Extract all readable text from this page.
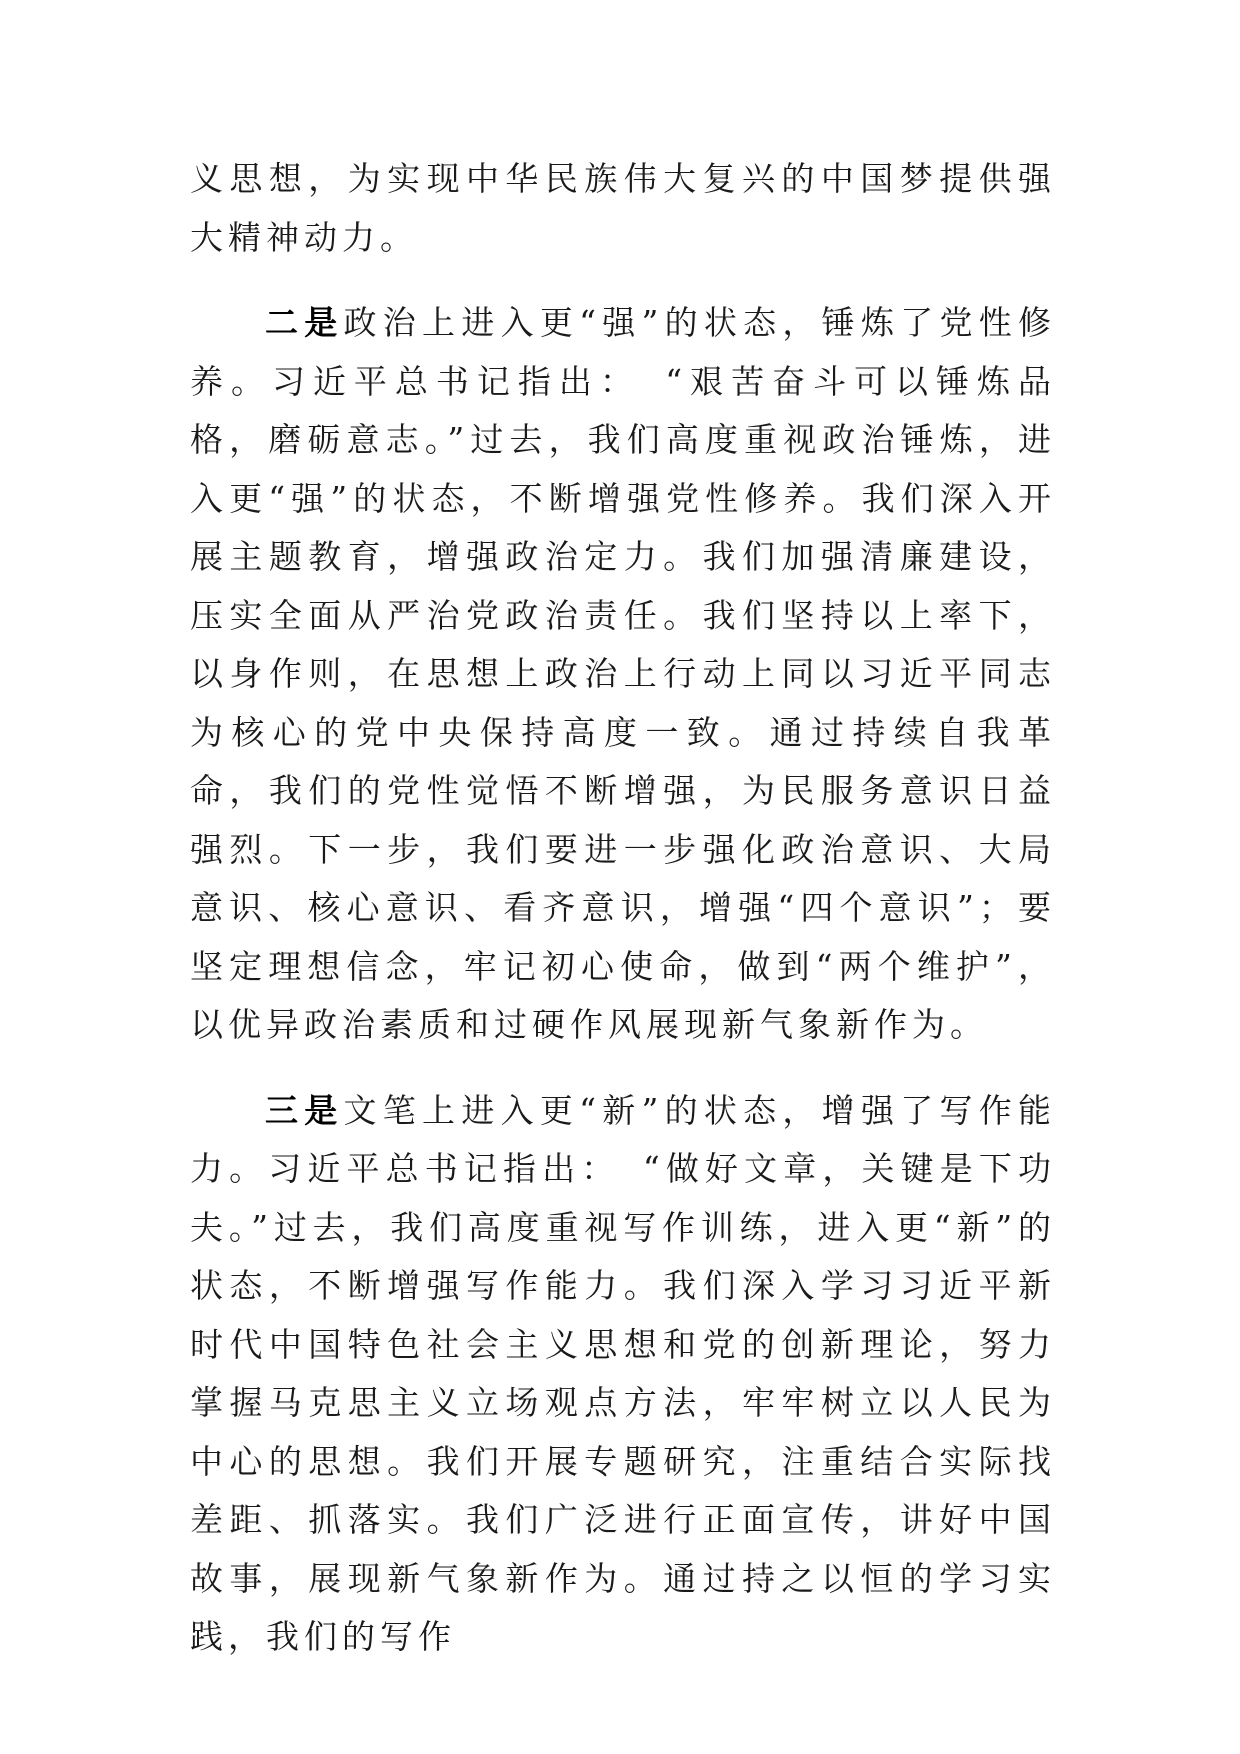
义思想，为实现中华民族伟大复兴的中国梦提供强大精神动力。

二是政治上进入更“强”的状态，锤炼了党性修养。习近平总书记指出：　“艰苦奋斗可以锤炼品格，磨砺意志。”过去，我们高度重视政治锤炼，进入更“强”的状态，不断增强党性修养。我们深入开展主题教育，增强政治定力。我们加强清廉建设，压实全面从严治党政治责任。我们坚持以上率下，以身作则，在思想上政治上行动上同以习近平同志为核心的党中央保持高度一致。通过持续自我革命，我们的党性觉悟不断增强，为民服务意识日益强烈。下一步，我们要进一步强化政治意识、大局意识、核心意识、看齐意识，增强“四个意识”；要坚定理想信念，牢记初心使命，做到“两个维护”，以优异政治素质和过硬作风展现新气象新作为。

三是文笔上进入更“新”的状态，增强了写作能力。习近平总书记指出：　“做好文章，关键是下功夫。”过去，我们高度重视写作训练，进入更“新”的状态，不断增强写作能力。我们深入学习习近平新时代中国特色社会主义思想和党的创新理论，努力掌握马克思主义立场观点方法，牢牢树立以人民为中心的思想。我们开展专题研究，注重结合实际找差距、抓落实。我们广泛进行正面宣传，讲好中国故事，展现新气象新作为。通过持之以恒的学习实践，我们的写作
